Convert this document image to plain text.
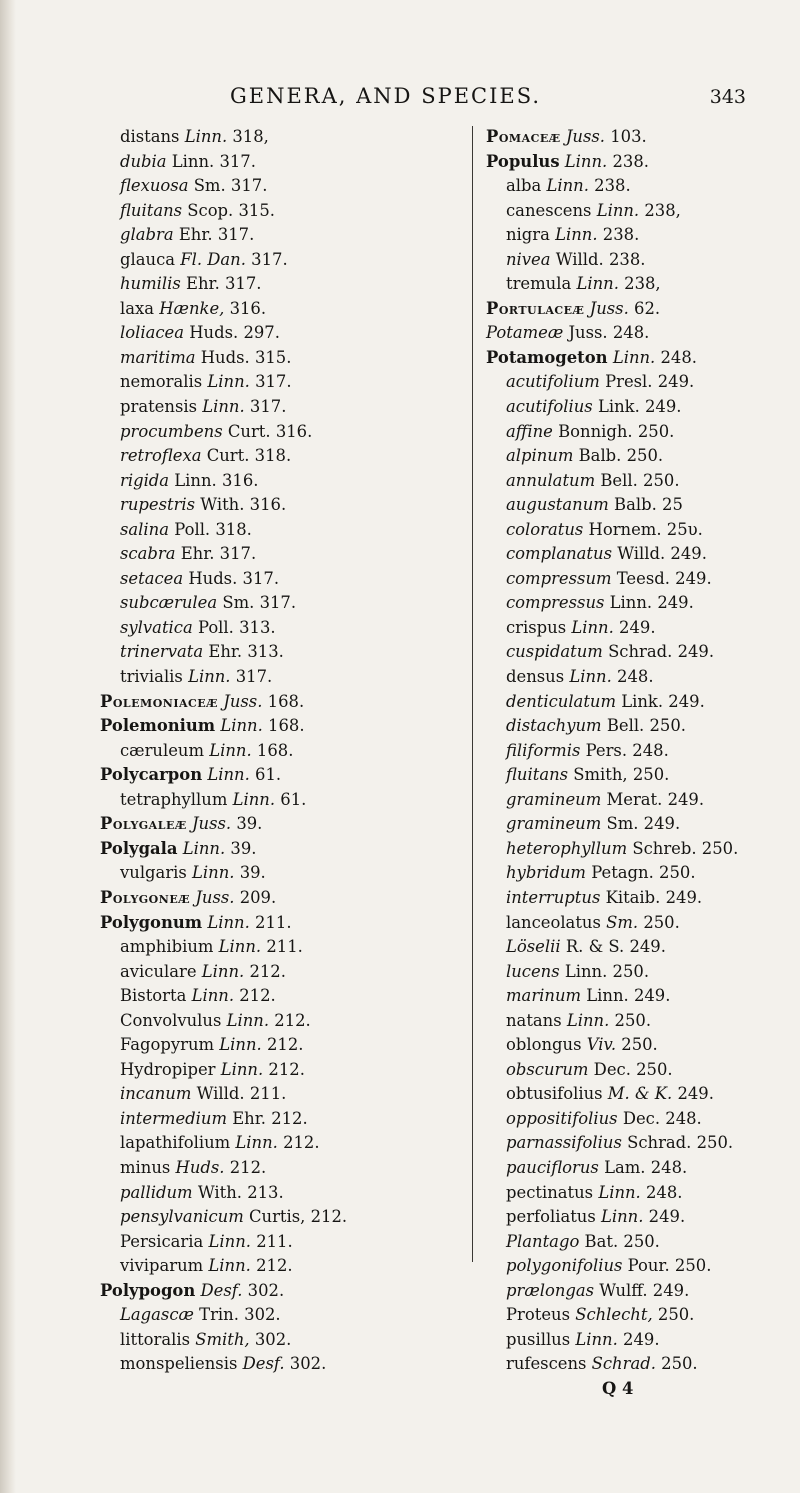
GENERA, AND SPECIES.	343
distans Linn. 318,
dubia Linn. 317.
flexuosa Sm. 317.
fluitans Scop. 315.
glabra Ehr. 317.
glauca Fl. Dan. 317.
humilis Ehr. 317.
laxa Hænke, 316.
loliacea Huds. 297.
maritima Huds. 315.
nemoralis Linn. 317.
pratensis Linn. 317.
procumbens Curt. 316.
retroflexa Curt. 318.
rigida Linn. 316.
rupestris With. 316.
salina Poll. 318.
scabra Ehr. 317.
setacea Huds. 317.
subcærulea Sm. 317.
sylvatica Poll. 313.
trinervata Ehr. 313.
trivialis Linn. 317.
Polemoniaceæ Juss. 168.
Polemonium Linn. 168.
cæruleum Linn. 168.
Polycarpon Linn. 61.
tetraphyllum Linn. 61.
Polygaleæ Juss. 39.
Polygala Linn. 39.
vulgaris Linn. 39.
Polygoneæ Juss. 209.
Polygonum Linn. 211.
amphibium Linn. 211.
aviculare Linn. 212.
Bistorta Linn. 212.
Convolvulus Linn. 212.
Fagopyrum Linn. 212.
Hydropiper Linn. 212.
incanum Willd. 211.
intermedium Ehr. 212.
lapathifolium Linn. 212.
minus Huds. 212.
pallidum With. 213.
pensylvanicum Curtis, 212.
Persicaria Linn. 211.
viviparum Linn. 212.
Polypogon Desf. 302.
Lagascæ Trin. 302.
littoralis Smith, 302.
monspeliensis Desf. 302.
Pomaceæ Juss. 103.
Populus Linn. 238.
alba Linn. 238.
canescens Linn. 238,
nigra Linn. 238.
nivea Willd. 238.
tremula Linn. 238,
Portulaceæ Juss. 62.
Potameæ Juss. 248.
Potamogeton Linn. 248.
acutifolium Presl. 249.
acutifolius Link. 249.
affine Bonnigh. 250.
alpinum Balb. 250.
annulatum Bell. 250.
augustanum Balb. 25
coloratus Hornem. 25υ.
complanatus Willd. 249.
compressum Teesd. 249.
compressus Linn. 249.
crispus Linn. 249.
cuspidatum Schrad. 249.
densus Linn. 248.
denticulatum Link. 249.
distachyum Bell. 250.
filiformis Pers. 248.
fluitans Smith, 250.
gramineum Merat. 249.
gramineum Sm. 249.
heterophyllum Schreb. 250.
hybridum Petagn. 250.
interruptus Kitaib. 249.
lanceolatus Sm. 250.
Löselii R. & S. 249.
lucens Linn. 250.
marinum Linn. 249.
natans Linn. 250.
oblongus Viv. 250.
obscurum Dec. 250.
obtusifolius M. & K. 249.
oppositifolius Dec. 248.
parnassifolius Schrad. 250.
pauciflorus Lam. 248.
pectinatus Linn. 248.
perfoliatus Linn. 249.
Plantago Bat. 250.
polygonifolius Pour. 250.
prælongas Wulff. 249.
Proteus Schlecht, 250.
pusillus Linn. 249.
rufescens Schrad. 250.
Q 4
